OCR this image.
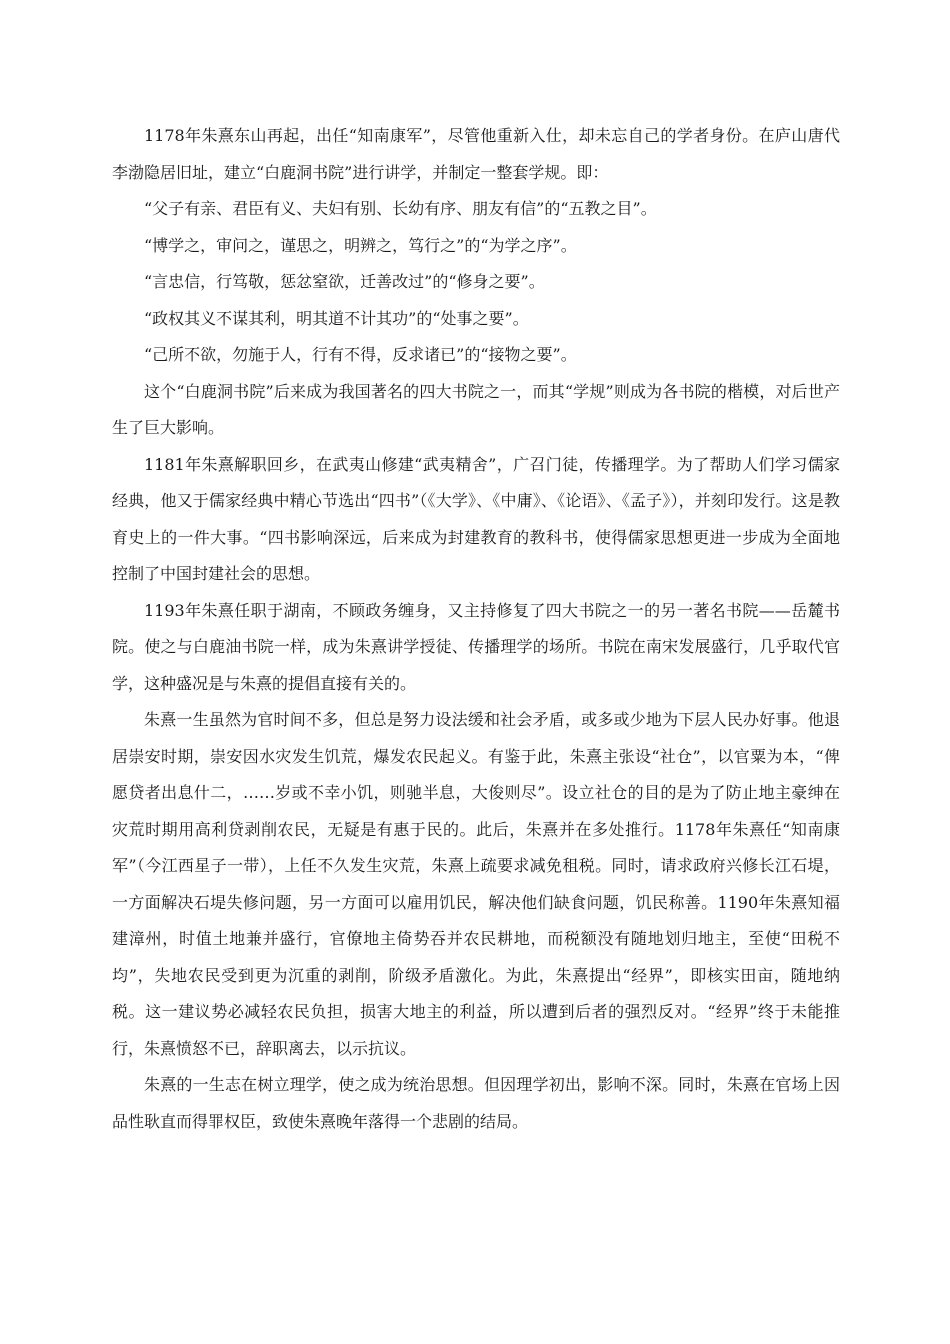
1178年朱熹东山再起，出任“知南康军”，尽管他重新入仕，却未忘自己的学者身份。在庐山唐代李渤隐居旧址，建立“白鹿洞书院”进行讲学，并制定一整套学规。即：

“父子有亲、君臣有义、夫妇有别、长幼有序、朋友有信”的“五教之目”。

“博学之，审问之，谨思之，明辨之，笃行之”的“为学之序”。

“言忠信，行笃敬，惩忿窒欲，迁善改过”的“修身之要”。

“政权其义不谋其利，明其道不计其功”的“处事之要”。

“己所不欲，勿施于人，行有不得，反求诸已”的“接物之要”。

这个“白鹿洞书院”后来成为我国著名的四大书院之一，而其“学规”则成为各书院的楷模，对后世产生了巨大影响。

1181年朱熹解职回乡，在武夷山修建“武夷精舍”，广召门徒，传播理学。为了帮助人们学习儒家经典，他又于儒家经典中精心节选出“四书”（《大学》、《中庸》、《论语》、《孟子》），并刻印发行。这是教育史上的一件大事。“四书影响深远，后来成为封建教育的教科书，使得儒家思想更进一步成为全面地控制了中国封建社会的思想。

1193年朱熹任职于湖南，不顾政务缠身，又主持修复了四大书院之一的另一著名书院——岳麓书院。使之与白鹿油书院一样，成为朱熹讲学授徒、传播理学的场所。书院在南宋发展盛行，几乎取代官学，这种盛况是与朱熹的提倡直接有关的。

朱熹一生虽然为官时间不多，但总是努力设法缓和社会矛盾，或多或少地为下层人民办好事。他退居崇安时期，崇安因水灾发生饥荒，爆发农民起义。有鉴于此，朱熹主张设“社仓”，以官粟为本，“俾愿贷者出息什二，……岁或不幸小饥，则驰半息，大俊则尽”。设立社仓的目的是为了防止地主豪绅在灾荒时期用高利贷剥削农民，无疑是有惠于民的。此后，朱熹并在多处推行。1178年朱熹任“知南康军”（今江西星子一带），上任不久发生灾荒，朱熹上疏要求减免租税。同时，请求政府兴修长江石堤，一方面解决石堤失修问题，另一方面可以雇用饥民，解决他们缺食问题，饥民称善。1190年朱熹知福建漳州，时值土地兼并盛行，官僚地主倚势吞并农民耕地，而税额没有随地划归地主，至使“田税不均”，失地农民受到更为沉重的剥削，阶级矛盾激化。为此，朱熹提出“经界”，即核实田亩，随地纳税。这一建议势必减轻农民负担，损害大地主的利益，所以遭到后者的强烈反对。“经界”终于未能推行，朱熹愤怒不已，辞职离去，以示抗议。

朱熹的一生志在树立理学，使之成为统治思想。但因理学初出，影响不深。同时，朱熹在官场上因品性耿直而得罪权臣，致使朱熹晚年落得一个悲剧的结局。
